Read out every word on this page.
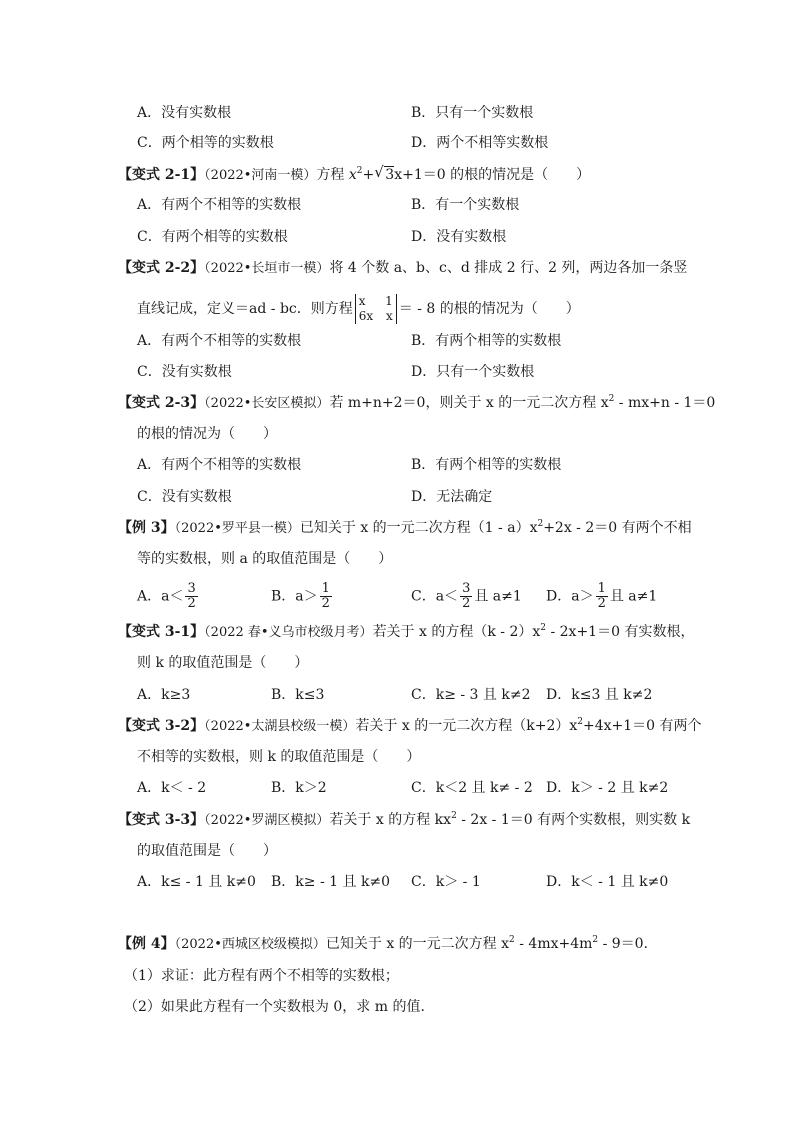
A．没有实数根	B．只有一个实数根
C．两个相等的实数根	D．两个不相等实数根
【变式 2-1】（2022•河南一模）方程 $x^2+$ √ 3x+1＝0 的根的情况是（　　）
A．有两个不相等的实数根	B．有一个实数根
C．有两个相等的实数根	D．没有实数根
【变式 2-2】（2022•长垣市一模）将 4 个数 a、b、c、d 排成 2 行、2 列，两边各加一条竖
直线记成，定义＝ad - bc．则方程 x 1
6x x ＝ - 8 的根的情况为（　　）
A．有两个不相等的实数根	B．有两个相等的实数根
C．没有实数根	D．只有一个实数根
【变式 2-3】（2022•长安区模拟）若 m+n+2＝0，则关于 x 的一元二次方程 $x^2 - mx+n - 1=0$
的根的情况为（　　）
A．有两个不相等的实数根	B．有两个相等的实数根
C．没有实数根	D．无法确定
【例 3】（2022•罗平县一模）已知关于 x 的一元二次方程$(1 - a)x^2+2x - 2=0$ 有两个不相
等的实数根，则 a 的取值范围是（　　）
A．$a< \frac{3}{2}$	B．$a> \frac{1}{2}$	C．$a< \frac{3}{2}$ 且 a≠1 D．$a> \frac{1}{2}$ 且 a≠1
【变式 3-1】（2022 春•义乌市校级月考）若关于 x 的方程$(k - 2)x^2 - 2x+1=0$ 有实数根，
则 k 的取值范围是（　　）
A．k≥3	B．k≤3	C．k≥ - 3 且 k≠2 D．k≤3 且 k≠2
【变式 3-2】（2022•太湖县校级一模）若关于 x 的一元二次方程$(k+2)x^2+4x+1=0$ 有两个
不相等的实数根，则 k 的取值范围是（　　）
A．k＜ - 2	B．k＞2	C．k＜2 且 k≠ - 2 D．k＞ - 2 且 k≠2
【变式 3-3】（2022•罗湖区模拟）若关于 x 的方程 $kx^2 - 2x - 1=0$ 有两个实数根，则实数 k
的取值范围是（　　）
A．k≤ - 1 且 k≠0 B．k≥ - 1 且 k≠0 C．k＞ - 1	D．k＜ - 1 且 k≠0
【例 4】（2022•西城区校级模拟）已知关于 x 的一元二次方程 $x^2 - 4mx+4m^2 - 9=0$．
（1）求证：此方程有两个不相等的实数根；
（2）如果此方程有一个实数根为 0，求 m 的值．
